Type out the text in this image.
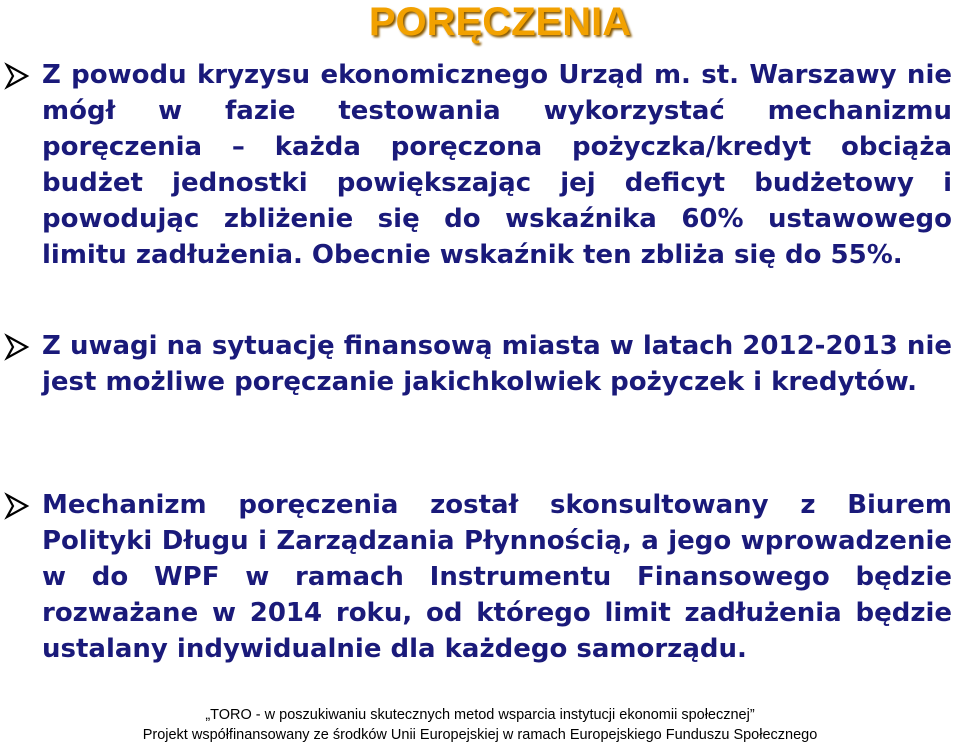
PORĘCZENIA

Z powodu kryzysu ekonomicznego Urząd m. st. Warszawy nie mógł w fazie testowania wykorzystać mechanizmu poręczenia – każda poręczona pożyczka/kredyt obciąża budżet jednostki powiększając jej deficyt budżetowy i powodując zbliżenie się do wskaźnika 60% ustawowego limitu zadłużenia. Obecnie wskaźnik ten zbliża się do 55%.

Z uwagi na sytuację finansową miasta w latach 2012-2013 nie jest możliwe poręczanie jakichkolwiek pożyczek i kredytów.

Mechanizm poręczenia został skonsultowany z Biurem Polityki Długu i Zarządzania Płynnością, a jego wprowadzenie w do WPF w ramach Instrumentu Finansowego będzie rozważane w 2014 roku, od którego limit zadłużenia będzie ustalany indywidualnie dla każdego samorządu.

„TORO - w poszukiwaniu skutecznych metod wsparcia instytucji ekonomii społecznej”
Projekt współfinansowany ze środków Unii Europejskiej w ramach Europejskiego Funduszu Społecznego
